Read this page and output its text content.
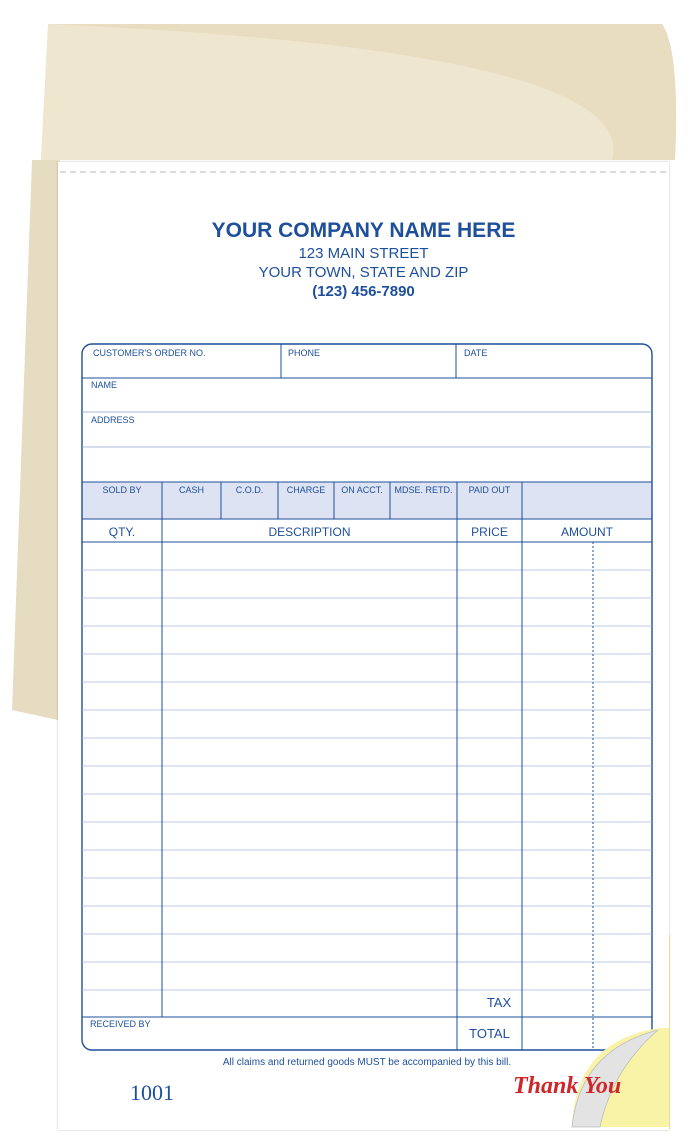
YOUR COMPANY NAME HERE
123 MAIN STREET
YOUR TOWN, STATE AND ZIP
(123) 456-7890
CUSTOMER'S ORDER NO.	PHONE	DATE
NAME
ADDRESS
SOLD BY	CASH	C.O.D.	CHARGE	ON ACCT.	MDSE. RETD.	PAID OUT
QTY.	DESCRIPTION	PRICE	AMOUNT
TAX
TOTAL
RECEIVED BY
All claims and returned goods MUST be accompanied by this bill.
1001	Thank You
